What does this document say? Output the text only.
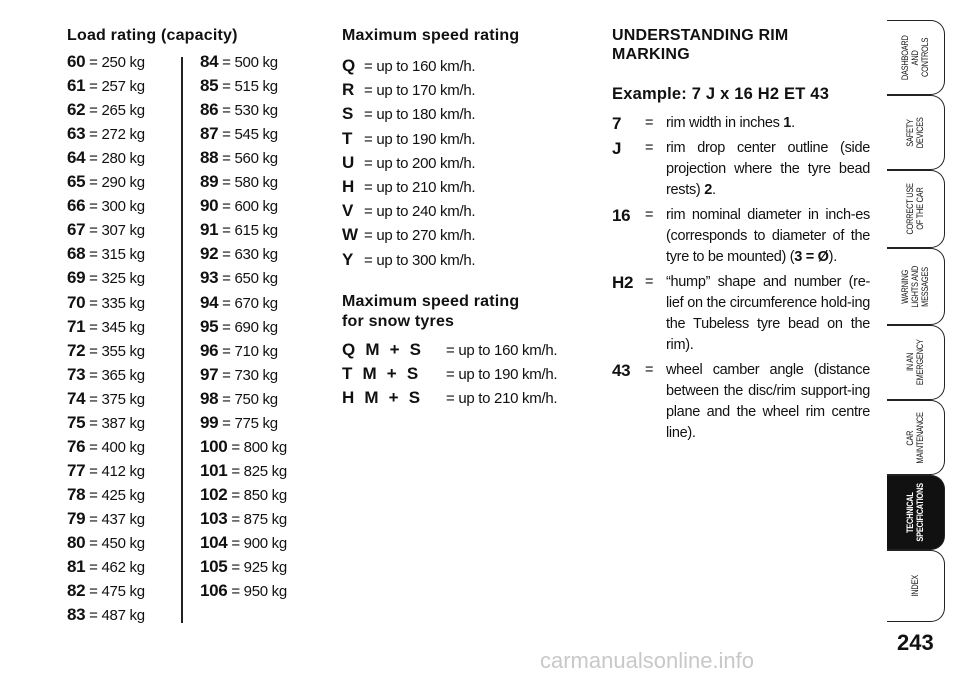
Load rating (capacity)
60 = 250 kg
61 = 257 kg
62 = 265 kg
63 = 272 kg
64 = 280 kg
65 = 290 kg
66 = 300 kg
67 = 307 kg
68 = 315 kg
69 = 325 kg
70 = 335 kg
71 = 345 kg
72 = 355 kg
73 = 365 kg
74 = 375 kg
75 = 387 kg
76 = 400 kg
77 = 412 kg
78 = 425 kg
79 = 437 kg
80 = 450 kg
81 = 462 kg
82 = 475 kg
83 = 487 kg
84 = 500 kg
85 = 515 kg
86 = 530 kg
87 = 545 kg
88 = 560 kg
89 = 580 kg
90 = 600 kg
91 = 615 kg
92 = 630 kg
93 = 650 kg
94 = 670 kg
95 = 690 kg
96 = 710 kg
97 = 730 kg
98 = 750 kg
99 = 775 kg
100 = 800 kg
101 = 825 kg
102 = 850 kg
103 = 875 kg
104 = 900 kg
105 = 925 kg
106 = 950 kg
Maximum speed rating
Q = up to 160 km/h.
R = up to 170 km/h.
S = up to 180 km/h.
T = up to 190 km/h.
U = up to 200 km/h.
H = up to 210 km/h.
V = up to 240 km/h.
W = up to 270 km/h.
Y = up to 300 km/h.
Maximum speed rating
for snow tyres
Q M + S = up to 160 km/h.
T M + S = up to 190 km/h.
H M + S = up to 210 km/h.
UNDERSTANDING RIM
MARKING
Example: 7 J x 16 H2 ET 43
7 = rim width in inches 1.
J = rim drop center outline (side projection where the tyre bead rests) 2.
16 = rim nominal diameter in inch-es (corresponds to diameter of the tyre to be mounted) (3 = Ø).
H2 = “hump” shape and number (re-lief on the circumference hold-ing the Tubeless tyre bead on the rim).
43 = wheel camber angle (distance between the disc/rim support-ing plane and the wheel rim centre line).
DASHBOARD
AND
CONTROLS
SAFETY
DEVICES
CORRECT USE
OF THE CAR
WARNING
LIGHTS AND
MESSAGES
IN AN
EMERGENCY
CAR
MAINTENANCE
TECHNICAL
SPECIFICATIONS
INDEX
243
carmanualsonline.info
